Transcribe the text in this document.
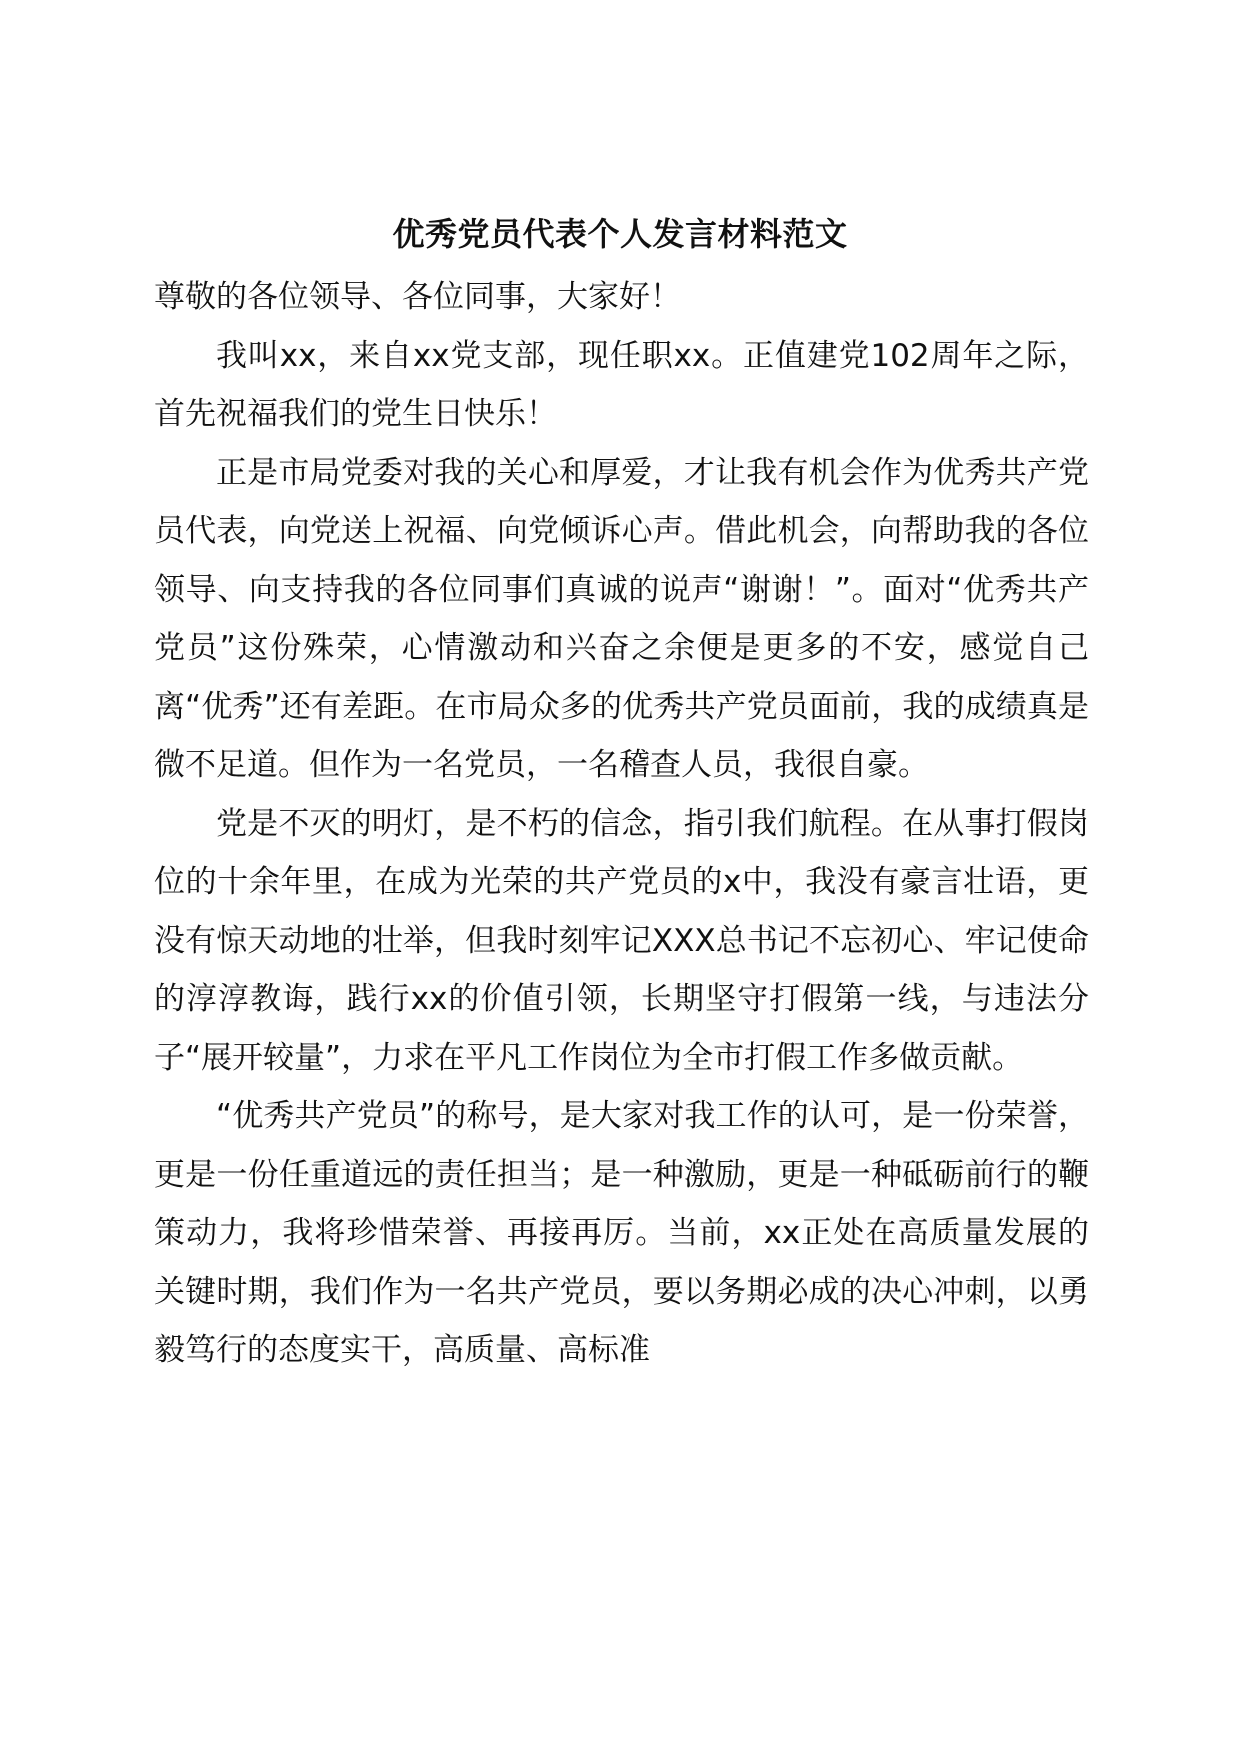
优秀党员代表个人发言材料范文

尊敬的各位领导、各位同事，大家好！

我叫xx，来自xx党支部，现任职xx。正值建党102周年之际，首先祝福我们的党生日快乐！

正是市局党委对我的关心和厚爱，才让我有机会作为优秀共产党员代表，向党送上祝福、向党倾诉心声。借此机会，向帮助我的各位领导、向支持我的各位同事们真诚的说声“谢谢！”。面对“优秀共产党员”这份殊荣，心情激动和兴奋之余便是更多的不安，感觉自己离“优秀”还有差距。在市局众多的优秀共产党员面前，我的成绩真是微不足道。但作为一名党员，一名稽查人员，我很自豪。

党是不灭的明灯，是不朽的信念，指引我们航程。在从事打假岗位的十余年里，在成为光荣的共产党员的x中，我没有豪言壮语，更没有惊天动地的壮举，但我时刻牢记XXX总书记不忘初心、牢记使命的淳淳教诲，践行xx的价值引领，长期坚守打假第一线，与违法分子“展开较量”，力求在平凡工作岗位为全市打假工作多做贡献。

“优秀共产党员”的称号，是大家对我工作的认可，是一份荣誉，更是一份任重道远的责任担当；是一种激励，更是一种砥砺前行的鞭策动力，我将珍惜荣誉、再接再厉。当前，xx正处在高质量发展的关键时期，我们作为一名共产党员，要以务期必成的决心冲刺，以勇毅笃行的态度实干，高质量、高标准
